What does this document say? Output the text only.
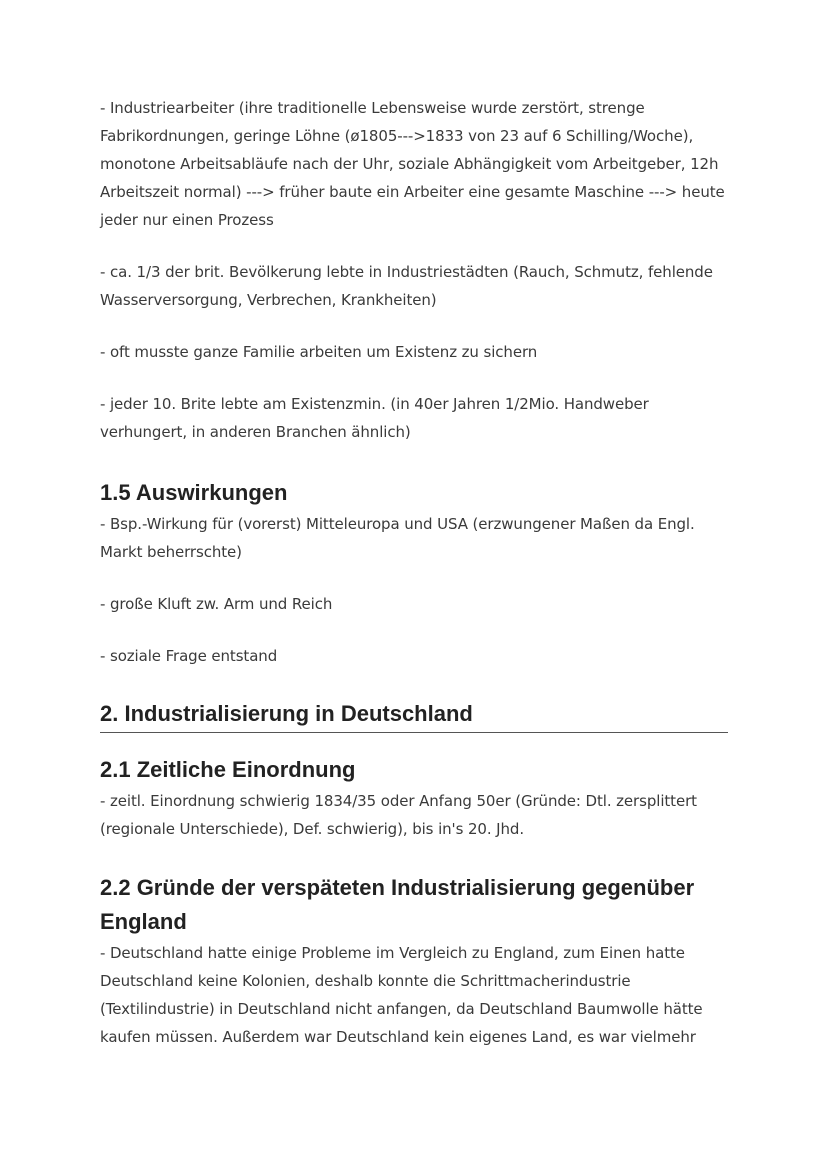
- Industriearbeiter (ihre traditionelle Lebensweise wurde zerstört, strenge Fabrikordnungen, geringe Löhne (ø1805--->1833 von 23 auf 6 Schilling/Woche), monotone Arbeitsabläufe nach der Uhr, soziale Abhängigkeit vom Arbeitgeber, 12h Arbeitszeit normal) ---> früher baute ein Arbeiter eine gesamte Maschine ---> heute jeder nur einen Prozess

- ca. 1/3 der brit. Bevölkerung lebte in Industriestädten (Rauch, Schmutz, fehlende Wasserversorgung, Verbrechen, Krankheiten)

- oft musste ganze Familie arbeiten um Existenz zu sichern

- jeder 10. Brite lebte am Existenzmin. (in 40er Jahren 1/2Mio. Handweber verhungert, in anderen Branchen ähnlich)

1.5 Auswirkungen

- Bsp.-Wirkung für (vorerst) Mitteleuropa und USA (erzwungener Maßen da Engl. Markt beherrschte)

- große Kluft zw. Arm und Reich

- soziale Frage entstand

2. Industrialisierung in Deutschland
2.1 Zeitliche Einordnung

- zeitl. Einordnung schwierig 1834/35 oder Anfang 50er (Gründe: Dtl. zersplittert (regionale Unterschiede), Def. schwierig), bis in's 20. Jhd.

2.2 Gründe der verspäteten Industrialisierung gegenüber England

- Deutschland hatte einige Probleme im Vergleich zu England, zum Einen hatte Deutschland keine Kolonien, deshalb konnte die Schrittmacherindustrie (Textilindustrie) in Deutschland nicht anfangen, da Deutschland Baumwolle hätte kaufen müssen. Außerdem war Deutschland kein eigenes Land, es war vielmehr
